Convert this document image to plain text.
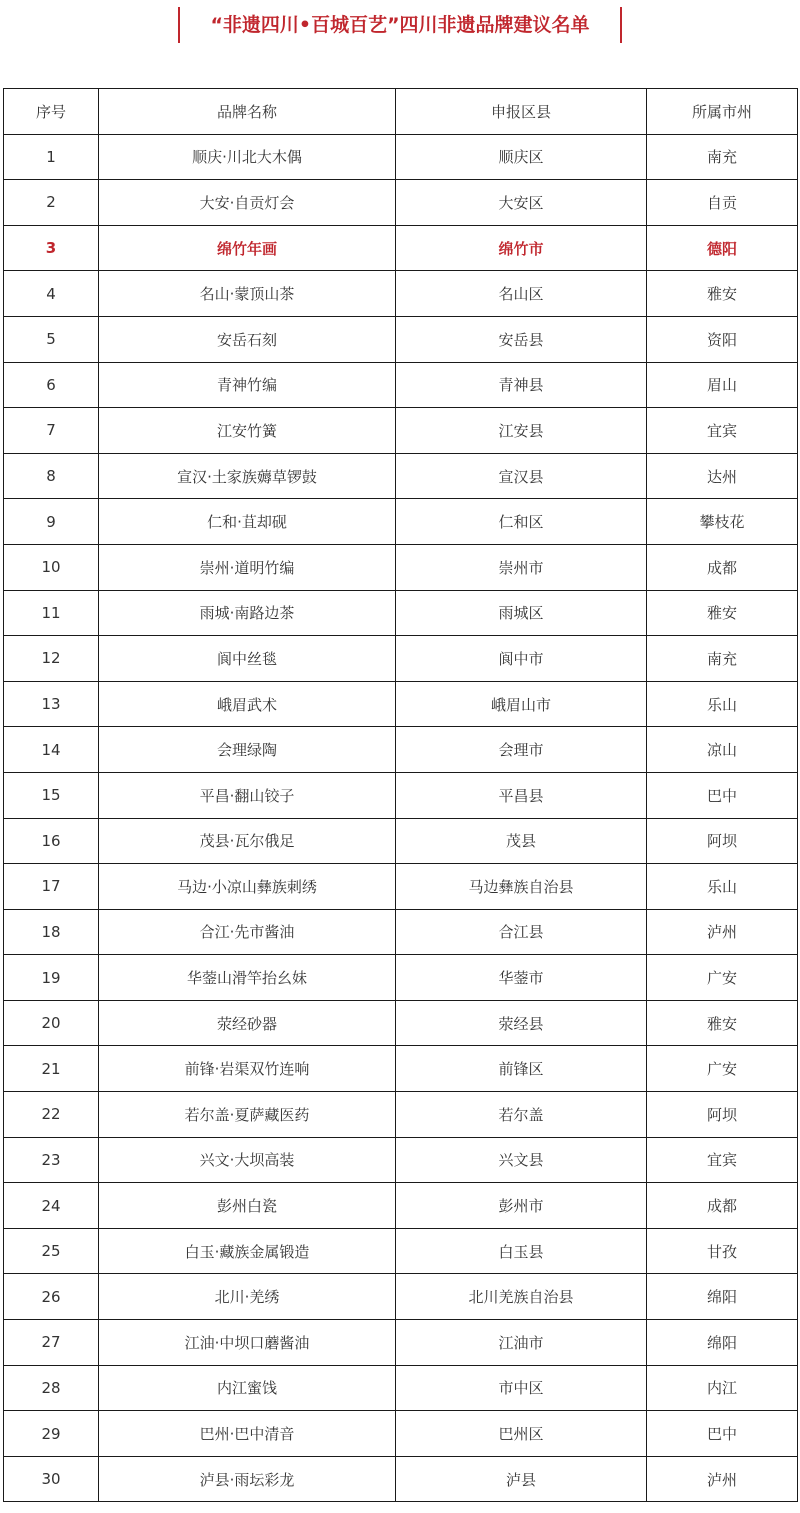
“非遗四川•百城百艺”四川非遗品牌建议名单
序号	品牌名称	申报区县	所属市州
1	顺庆·川北大木偶	顺庆区	南充
2	大安·自贡灯会	大安区	自贡
3	绵竹年画	绵竹市	德阳
4	名山·蒙顶山茶	名山区	雅安
5	安岳石刻	安岳县	资阳
6	青神竹编	青神县	眉山
7	江安竹簧	江安县	宜宾
8	宣汉·土家族薅草锣鼓	宣汉县	达州
9	仁和·苴却砚	仁和区	攀枝花
10	崇州·道明竹编	崇州市	成都
11	雨城·南路边茶	雨城区	雅安
12	阆中丝毯	阆中市	南充
13	峨眉武术	峨眉山市	乐山
14	会理绿陶	会理市	凉山
15	平昌·翻山铰子	平昌县	巴中
16	茂县·瓦尔俄足	茂县	阿坝
17	马边·小凉山彝族刺绣	马边彝族自治县	乐山
18	合江·先市酱油	合江县	泸州
19	华蓥山滑竿抬幺妹	华蓥市	广安
20	荥经砂器	荥经县	雅安
21	前锋·岩渠双竹连响	前锋区	广安
22	若尔盖·夏萨藏医药	若尔盖	阿坝
23	兴文·大坝高装	兴文县	宜宾
24	彭州白瓷	彭州市	成都
25	白玉·藏族金属锻造	白玉县	甘孜
26	北川·羌绣	北川羌族自治县	绵阳
27	江油·中坝口蘑酱油	江油市	绵阳
28	内江蜜饯	市中区	内江
29	巴州·巴中清音	巴州区	巴中
30	泸县·雨坛彩龙	泸县	泸州
